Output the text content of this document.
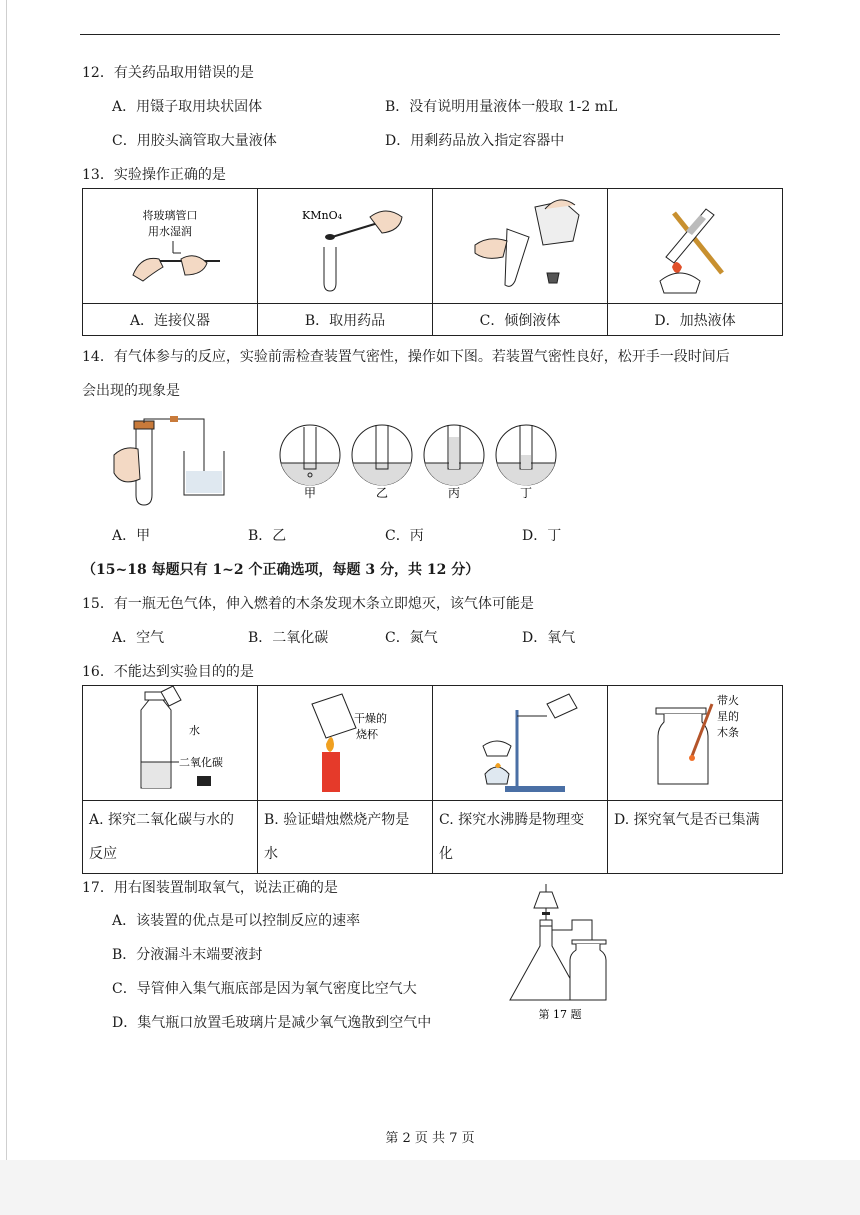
12．有关药品取用错误的是
A．用镊子取用块状固体	B．没有说明用量液体一般取 1-2 mL
C．用胶头滴管取大量液体	D．用剩药品放入指定容器中
13．实验操作正确的是
将玻璃管口
用水湿润	KMnO₄

A．连接仪器	B．取用药品	C．倾倒液体	D．加热液体
14．有气体参与的反应，实验前需检查装置气密性，操作如下图。若装置气密性良好，松开手一段时间后
会出现的现象是
甲	乙	丙	丁
A．甲	B．乙	C．丙	D．丁
（15~18 每题只有 1~2 个正确选项，每题 3 分，共 12 分）
15．有一瓶无色气体，伸入燃着的木条发现木条立即熄灭，该气体可能是
A．空气	B．二氧化碳	C．氮气	D．氧气
16．不能达到实验目的的是
水
二氧化碳	干燥的
烧杯		带火
星的
木条

A. 探究二氧化碳与水的
反应	B. 验证蜡烛燃烧产物是
水	C. 探究水沸腾是物理变
化	D. 探究氧气是否已集满
17．用右图装置制取氧气，说法正确的是
A．该装置的优点是可以控制反应的速率
B．分液漏斗末端要液封
C．导管伸入集气瓶底部是因为氧气密度比空气大
D．集气瓶口放置毛玻璃片是减少氧气逸散到空气中
第 17 题
第 2 页 共 7 页
